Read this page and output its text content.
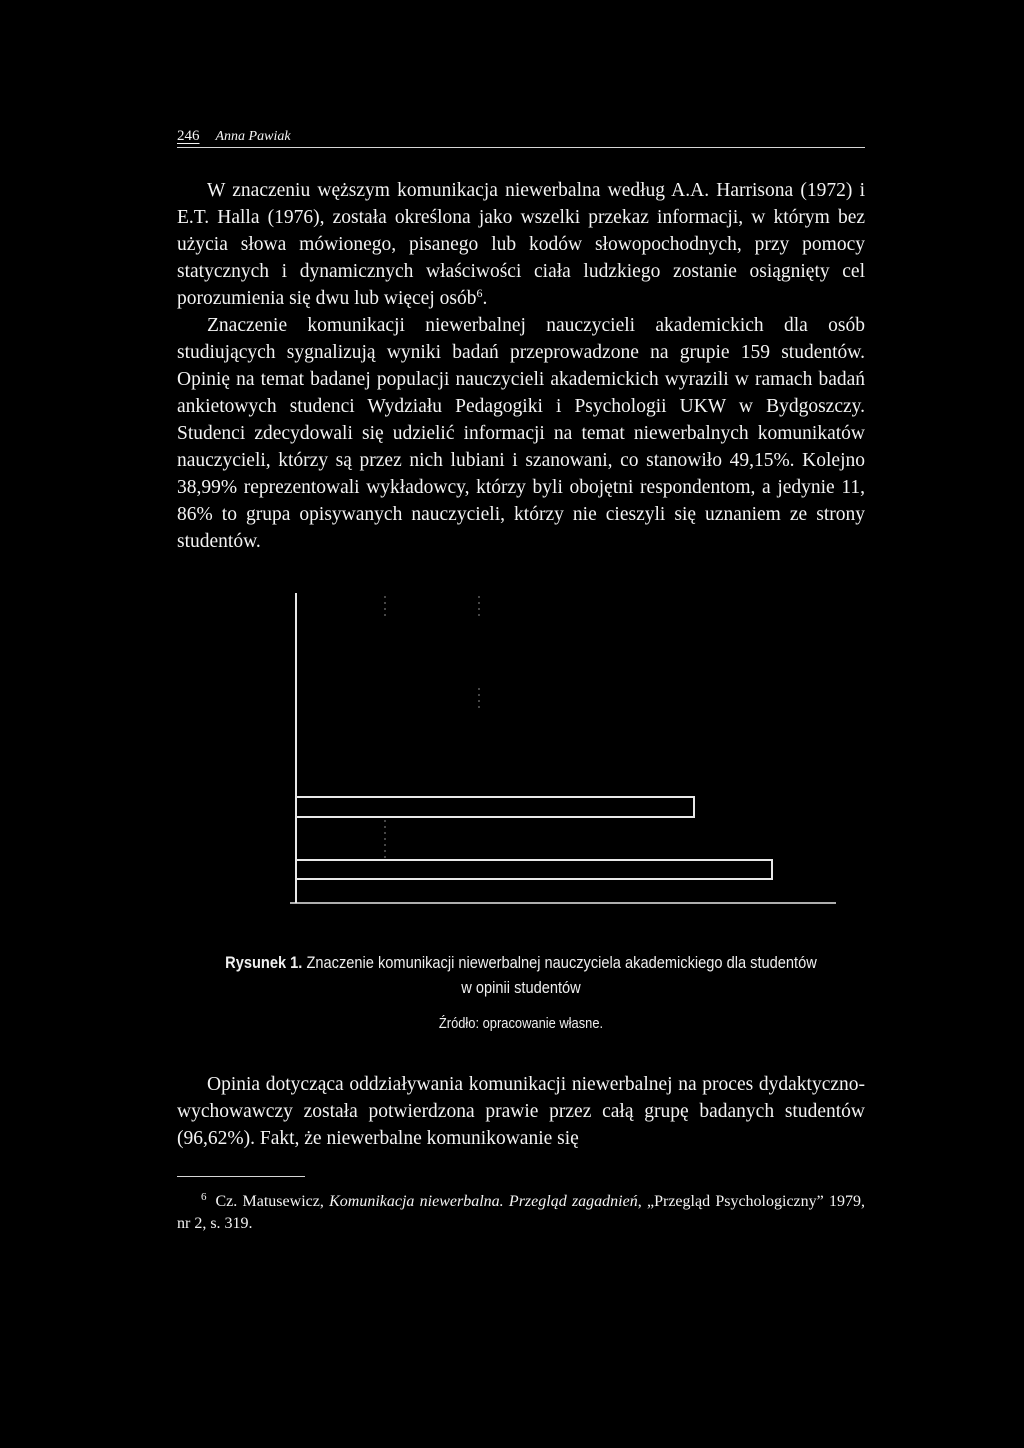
246 Anna Pawiak

W znaczeniu węższym komunikacja niewerbalna według A.A. Harrisona (1972) i E.T. Halla (1976), została określona jako wszelki przekaz informacji, w którym bez użycia słowa mówionego, pisanego lub kodów słowopochodnych, przy pomocy statycznych i dynamicznych właściwości ciała ludzkiego zostanie osiągnięty cel porozumienia się dwu lub więcej osób$^6$.

Znaczenie komunikacji niewerbalnej nauczycieli akademickich dla osób studiujących sygnalizują wyniki badań przeprowadzone na grupie 159 studentów. Opinię na temat badanej populacji nauczycieli akademickich wyrazili w ramach badań ankietowych studenci Wydziału Pedagogiki i Psychologii UKW w Bydgoszczy. Studenci zdecydowali się udzielić informacji na temat niewerbalnych komunikatów nauczycieli, którzy są przez nich lubiani i szanowani, co stanowiło 49,15%. Kolejno 38,99% reprezentowali wykładowcy, którzy byli obojętni respondentom, a jedynie 11, 86% to grupa opisywanych nauczycieli, którzy nie cieszyli się uznaniem ze strony studentów.

Rysunek 1. Znaczenie komunikacji niewerbalnej nauczyciela akademickiego dla studentów w opinii studentów
Źródło: opracowanie własne.

Opinia dotycząca oddziaływania komunikacji niewerbalnej na proces dydaktyczno-wychowawczy została potwierdzona prawie przez całą grupę badanych studentów (96,62%). Fakt, że niewerbalne komunikowanie się

$^6$ Cz. Matusewicz, Komunikacja niewerbalna. Przegląd zagadnień, „Przegląd Psychologiczny” 1979, nr 2, s. 319.
